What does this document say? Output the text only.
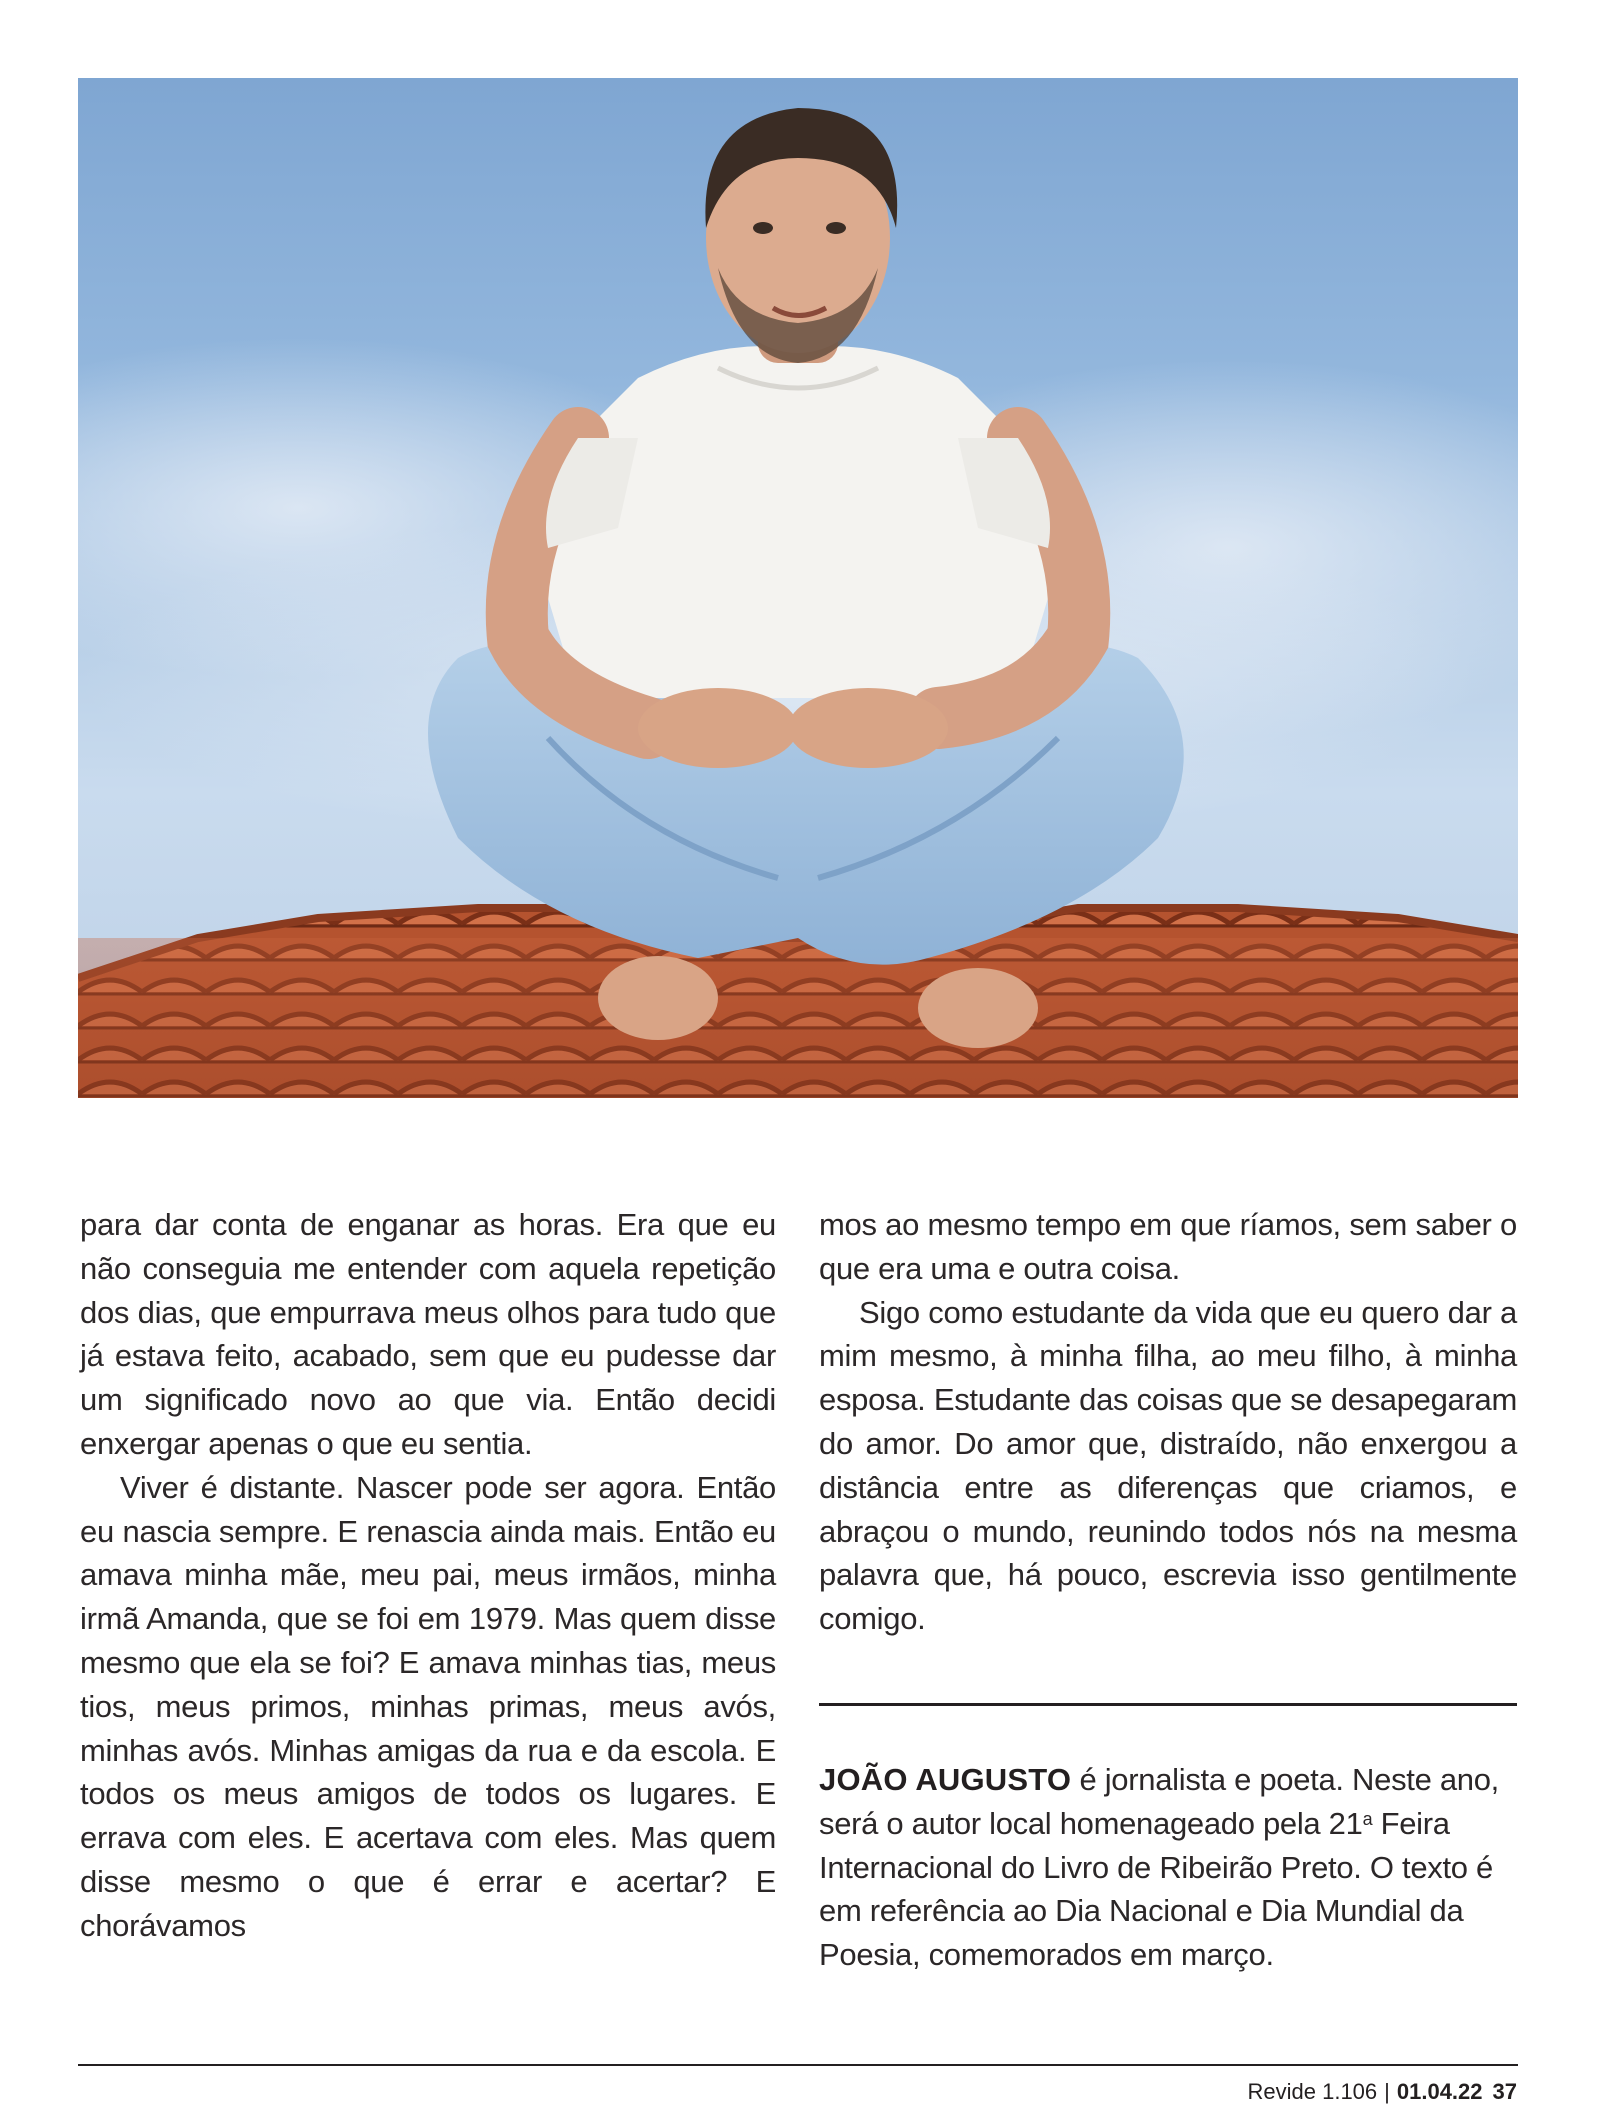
para dar conta de enganar as horas. Era que eu não conseguia me entender com aquela repetição dos dias, que empurrava meus olhos para tudo que já estava feito, acabado, sem que eu pudesse dar um significado novo ao que via. Então decidi enxergar apenas o que eu sentia.

Viver é distante. Nascer pode ser agora. Então eu nascia sempre. E renascia ainda mais. Então eu amava minha mãe, meu pai, meus irmãos, minha irmã Amanda, que se foi em 1979. Mas quem disse mesmo que ela se foi? E amava minhas tias, meus tios, meus primos, minhas primas, meus avós, minhas avós. Minhas amigas da rua e da escola. E todos os meus amigos de todos os lugares. E errava com eles. E acertava com eles. Mas quem disse mesmo o que é errar e acertar? E chorávamos

mos ao mesmo tempo em que ríamos, sem saber o que era uma e outra coisa.

Sigo como estudante da vida que eu quero dar a mim mesmo, à minha filha, ao meu filho, à minha esposa. Estudante das coisas que se desapegaram do amor. Do amor que, distraído, não enxergou a distância entre as diferenças que criamos, e abraçou o mundo, reunindo todos nós na mesma palavra que, há pouco, escrevia isso gentilmente comigo.

JOÃO AUGUSTO é jornalista e poeta. Neste ano, será o autor local homenageado pela 21$^a$ Feira Internacional do Livro de Ribeirão Preto. O texto é em referência ao Dia Nacional e Dia Mundial da Poesia, comemorados em março.
Revide 1.106 | 01.04.22 37
